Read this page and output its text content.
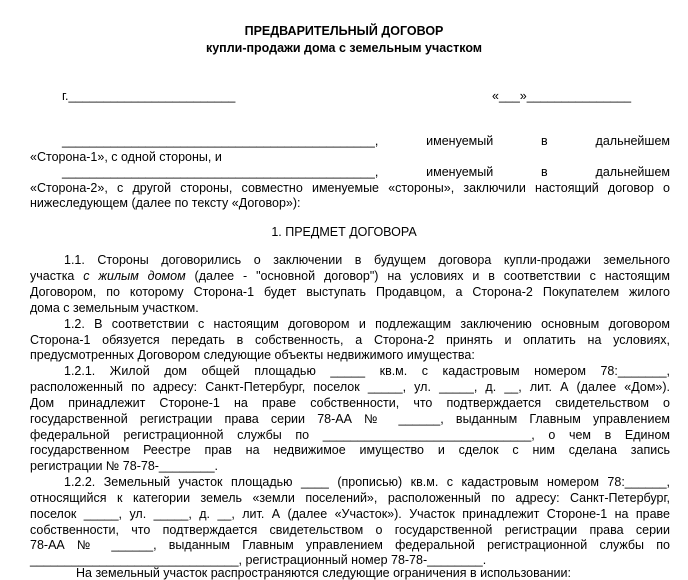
ПРЕДВАРИТЕЛЬНЫЙ ДОГОВОР
купли-продажи дома с земельным участком
г.________________________	«___»_______________
_____________________________________________, именуемый в дальнейшем
«Сторона-1», с одной стороны, и
_____________________________________________, именуемый в дальнейшем
«Сторона-2», с другой стороны, совместно именуемые «стороны», заключили настоящий договор о
нижеследующем (далее по тексту «Договор»):
1. ПРЕДМЕТ ДОГОВОРА
1.1. Стороны договорились о заключении в будущем договора купли-продажи земельного
участка с жилым домом (далее - "основной договор") на условиях и в соответствии с настоящим
Договором, по которому Сторона-1 будет выступать Продавцом, а Сторона-2 Покупателем жилого
дома с земельным участком.
1.2. В соответствии с настоящим договором и подлежащим заключению основным договором
Сторона-1 обязуется передать в собственность, а Сторона-2 принять и оплатить на условиях,
предусмотренных Договором следующие объекты недвижимого имущества:
1.2.1. Жилой дом общей площадью _____ кв.м. с кадастровым номером 78:_______,
расположенный по адресу: Санкт-Петербург, поселок _____, ул. _____, д. __, лит. А (далее «Дом»).
Дом принадлежит Стороне-1 на праве собственности, что подтверждается свидетельством о
государственной регистрации права серии 78-АА № ______, выданным Главным управлением
федеральной регистрационной службы по ______________________________, о чем в Едином
государственном Реестре прав на недвижимое имущество и сделок с ним сделана запись
регистрации № 78-78-________.
1.2.2. Земельный участок площадью ____ (прописью) кв.м. с кадастровым номером 78:______,
относящийся к категории земель «земли поселений», расположенный по адресу: Санкт-Петербург,
поселок _____, ул. _____, д. __, лит. А (далее «Участок»). Участок принадлежит Стороне-1 на праве
собственности, что подтверждается свидетельством о государственной регистрации права серии
78-АА № ______, выданным Главным управлением федеральной регистрационной службы по
______________________________, регистрационный номер 78-78-________.
На земельный участок распространяются следующие ограничения в использовании:
